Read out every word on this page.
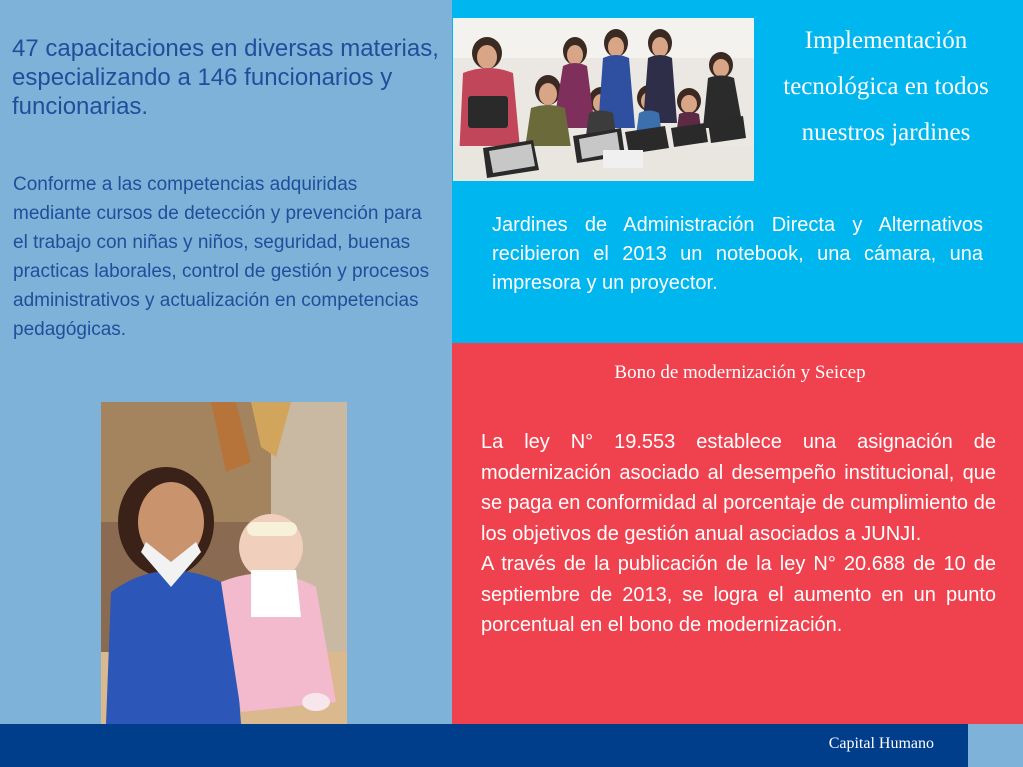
47 capacitaciones en diversas materias, especializando a 146 funcionarios y funcionarias.

Conforme a las competencias adquiridas mediante cursos de detección y prevención para el trabajo con niñas y niños, seguridad, buenas practicas laborales, control de gestión y procesos administrativos y actualización en competencias pedagógicas.

Implementación tecnológica en todos nuestros jardines

Jardines de Administración Directa y Alternativos recibieron el 2013 un notebook, una cámara, una impresora y un proyector.

Bono de modernización y Seicep

La ley N° 19.553 establece una asignación de modernización asociado al desempeño institucional, que se paga en conformidad al porcentaje de cumplimiento de los objetivos de gestión anual asociados a JUNJI.

A través de la publicación de la ley N° 20.688 de 10 de septiembre de 2013, se logra el aumento en un punto porcentual en el bono de modernización.

Capital Humano
